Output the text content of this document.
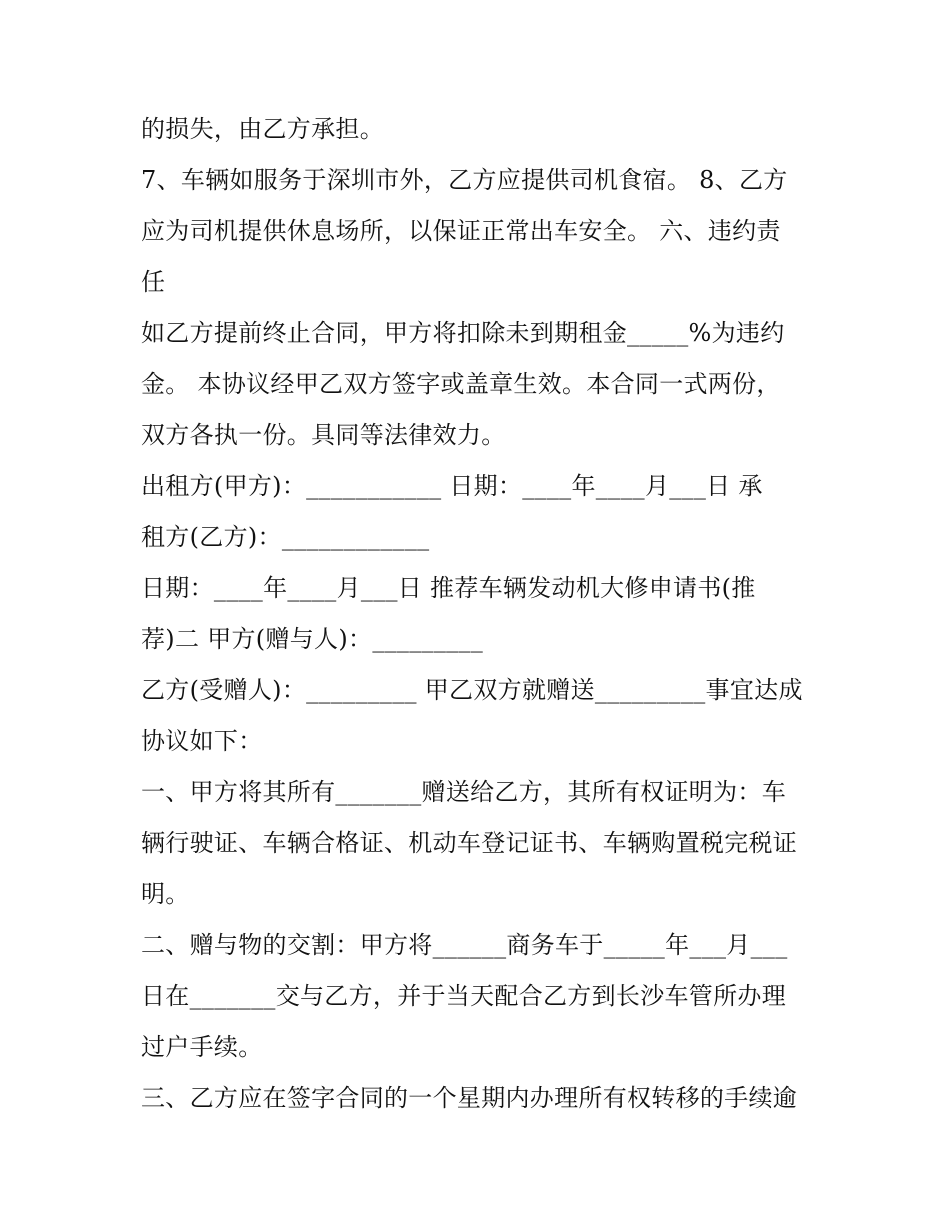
的损失，由乙方承担。
7、车辆如服务于深圳市外，乙方应提供司机食宿。 8、乙方
应为司机提供休息场所，以保证正常出车安全。 六、违约责
任
如乙方提前终止合同，甲方将扣除未到期租金_____%为违约
金。 本协议经甲乙双方签字或盖章生效。本合同一式两份，
双方各执一份。具同等法律效力。
出租方(甲方)：___________ 日期：____年____月___日 承
租方(乙方)：____________
日期：____年____月___日 推荐车辆发动机大修申请书(推
荐)二 甲方(赠与人)：_________
乙方(受赠人)：_________ 甲乙双方就赠送_________事宜达成
协议如下：
一、甲方将其所有_______赠送给乙方，其所有权证明为：车
辆行驶证、车辆合格证、机动车登记证书、车辆购置税完税证
明。
二、赠与物的交割：甲方将______商务车于_____年___月___
日在_______交与乙方，并于当天配合乙方到长沙车管所办理
过户手续。
三、乙方应在签字合同的一个星期内办理所有权转移的手续逾
